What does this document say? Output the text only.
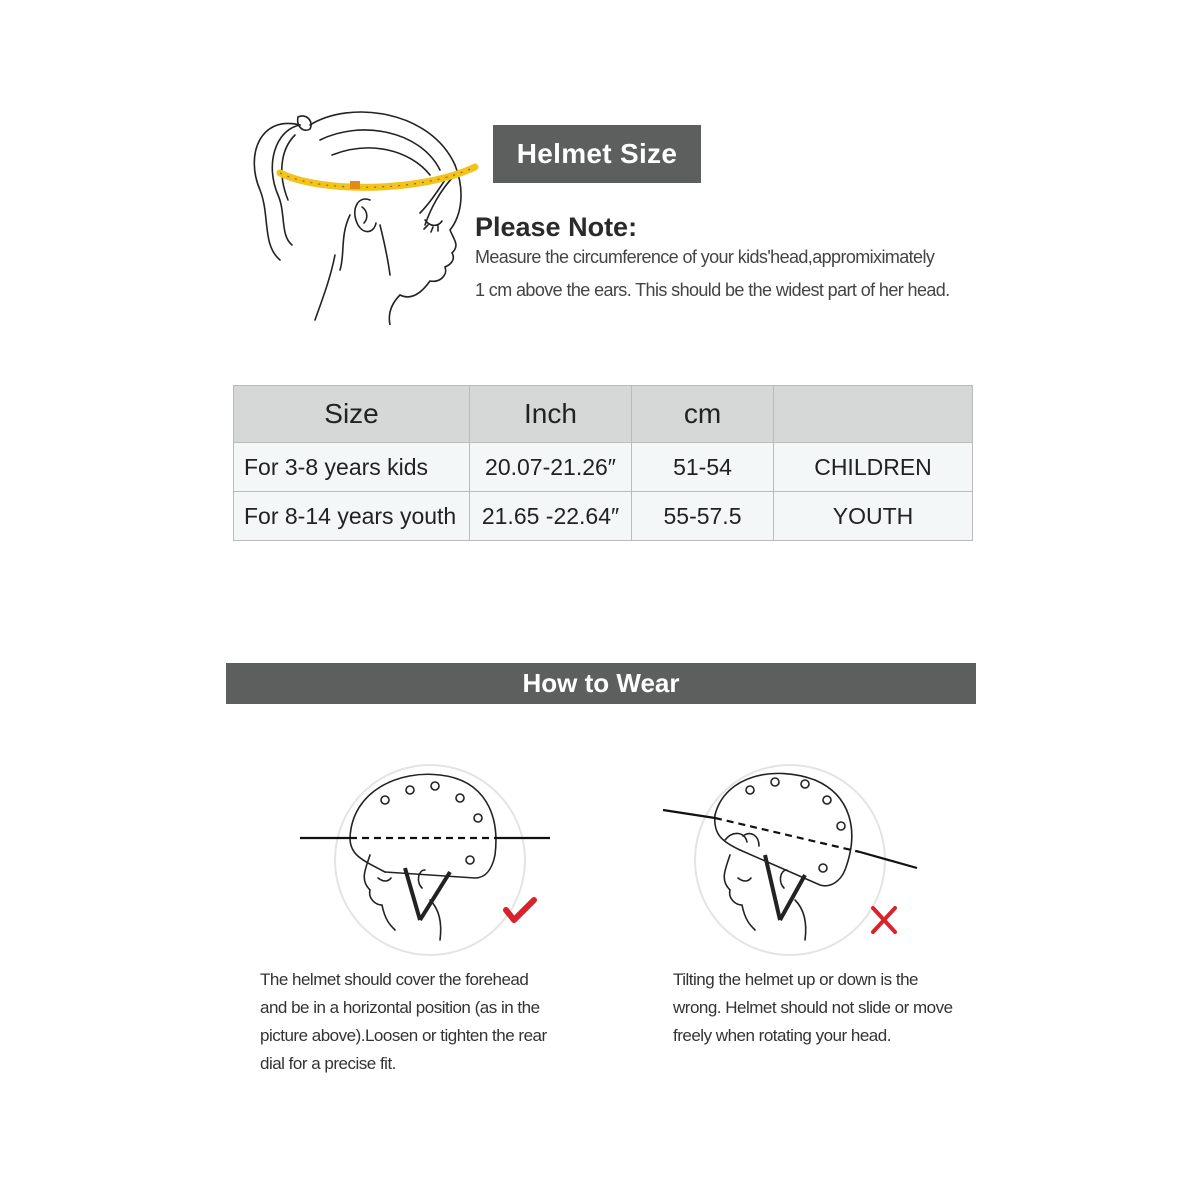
Helmet Size
Please Note:
Measure the circumference of your kids'head,appromiximately
1 cm above the ears. This should be the widest part of her head.
Size	Inch	cm	
For 3-8 years kids	20.07-21.26″	51-54	CHILDREN
For 8-14 years youth	21.65 -22.64″	55-57.5	YOUTH
How to Wear
The helmet should cover the forehead
and be in a horizontal position (as in the
picture above).Loosen or tighten the rear
dial for a precise fit.
Tilting the helmet up or down is the
wrong. Helmet should not slide or move
freely when rotating your head.
